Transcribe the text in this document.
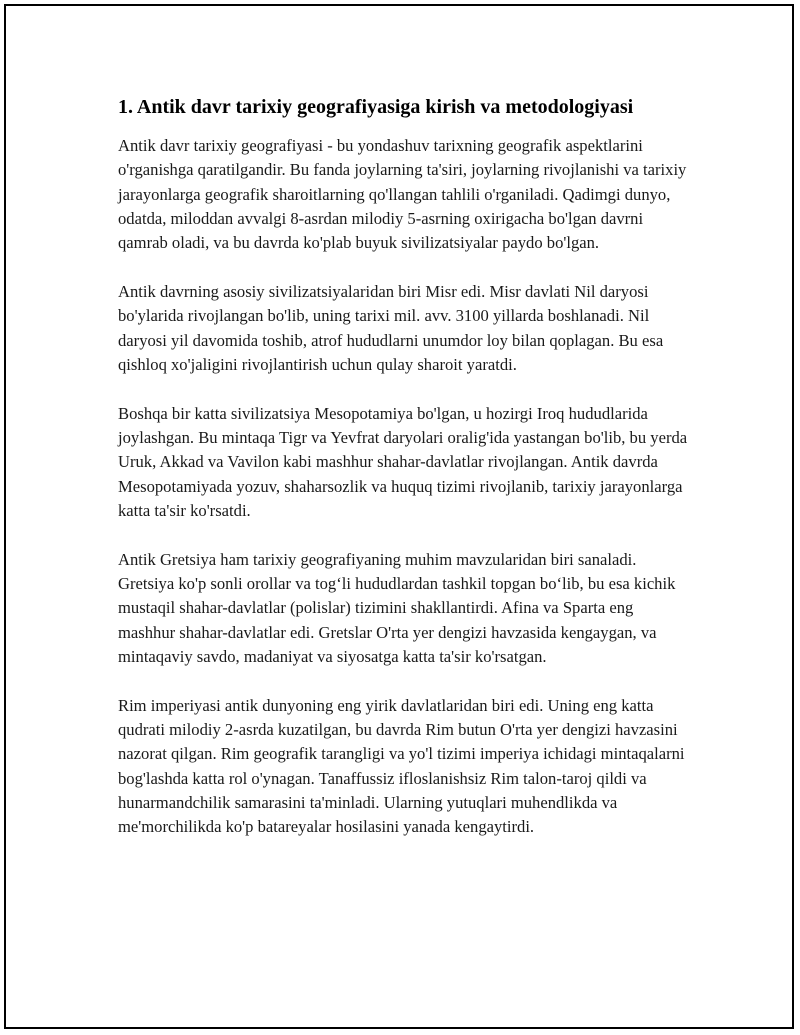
1. Antik davr tarixiy geografiyasiga kirish va metodologiyasi

Antik davr tarixiy geografiyasi - bu yondashuv tarixning geografik aspektlarini o'rganishga qaratilgandir. Bu fanda joylarning ta'siri, joylarning rivojlanishi va tarixiy jarayonlarga geografik sharoitlarning qo'llangan tahlili o'rganiladi. Qadimgi dunyo, odatda, miloddan avvalgi 8-asrdan milodiy 5-asrning oxirigacha bo'lgan davrni qamrab oladi, va bu davrda ko'plab buyuk sivilizatsiyalar paydo bo'lgan.

Antik davrning asosiy sivilizatsiyalaridan biri Misr edi. Misr davlati Nil daryosi bo'ylarida rivojlangan bo'lib, uning tarixi mil. avv. 3100 yillarda boshlanadi. Nil daryosi yil davomida toshib, atrof hududlarni unumdor loy bilan qoplagan. Bu esa qishloq xo'jaligini rivojlantirish uchun qulay sharoit yaratdi.

Boshqa bir katta sivilizatsiya Mesopotamiya bo'lgan, u hozirgi Iroq hududlarida joylashgan. Bu mintaqa Tigr va Yevfrat daryolari oralig'ida yastangan bo'lib, bu yerda Uruk, Akkad va Vavilon kabi mashhur shahar-davlatlar rivojlangan. Antik davrda Mesopotamiyada yozuv, shaharsozlik va huquq tizimi rivojlanib, tarixiy jarayonlarga katta ta'sir ko'rsatdi.

Antik Gretsiya ham tarixiy geografiyaning muhim mavzularidan biri sanaladi. Gretsiya ko'p sonli orollar va tog‘li hududlardan tashkil topgan bo‘lib, bu esa kichik mustaqil shahar-davlatlar (polislar) tizimini shakllantirdi. Afina va Sparta eng mashhur shahar-davlatlar edi. Gretslar O'rta yer dengizi havzasida kengaygan, va mintaqaviy savdo, madaniyat va siyosatga katta ta'sir ko'rsatgan.

Rim imperiyasi antik dunyoning eng yirik davlatlaridan biri edi. Uning eng katta qudrati milodiy 2-asrda kuzatilgan, bu davrda Rim butun O'rta yer dengizi havzasini nazorat qilgan. Rim geografik tarangligi va yo'l tizimi imperiya ichidagi mintaqalarni bog'lashda katta rol o'ynagan. Tanaffussiz ifloslanishsiz Rim talon-taroj qildi va hunarmandchilik samarasini ta'minladi. Ularning yutuqlari muhendlikda va me'morchilikda ko'p batareyalar hosilasini yanada kengaytirdi.
